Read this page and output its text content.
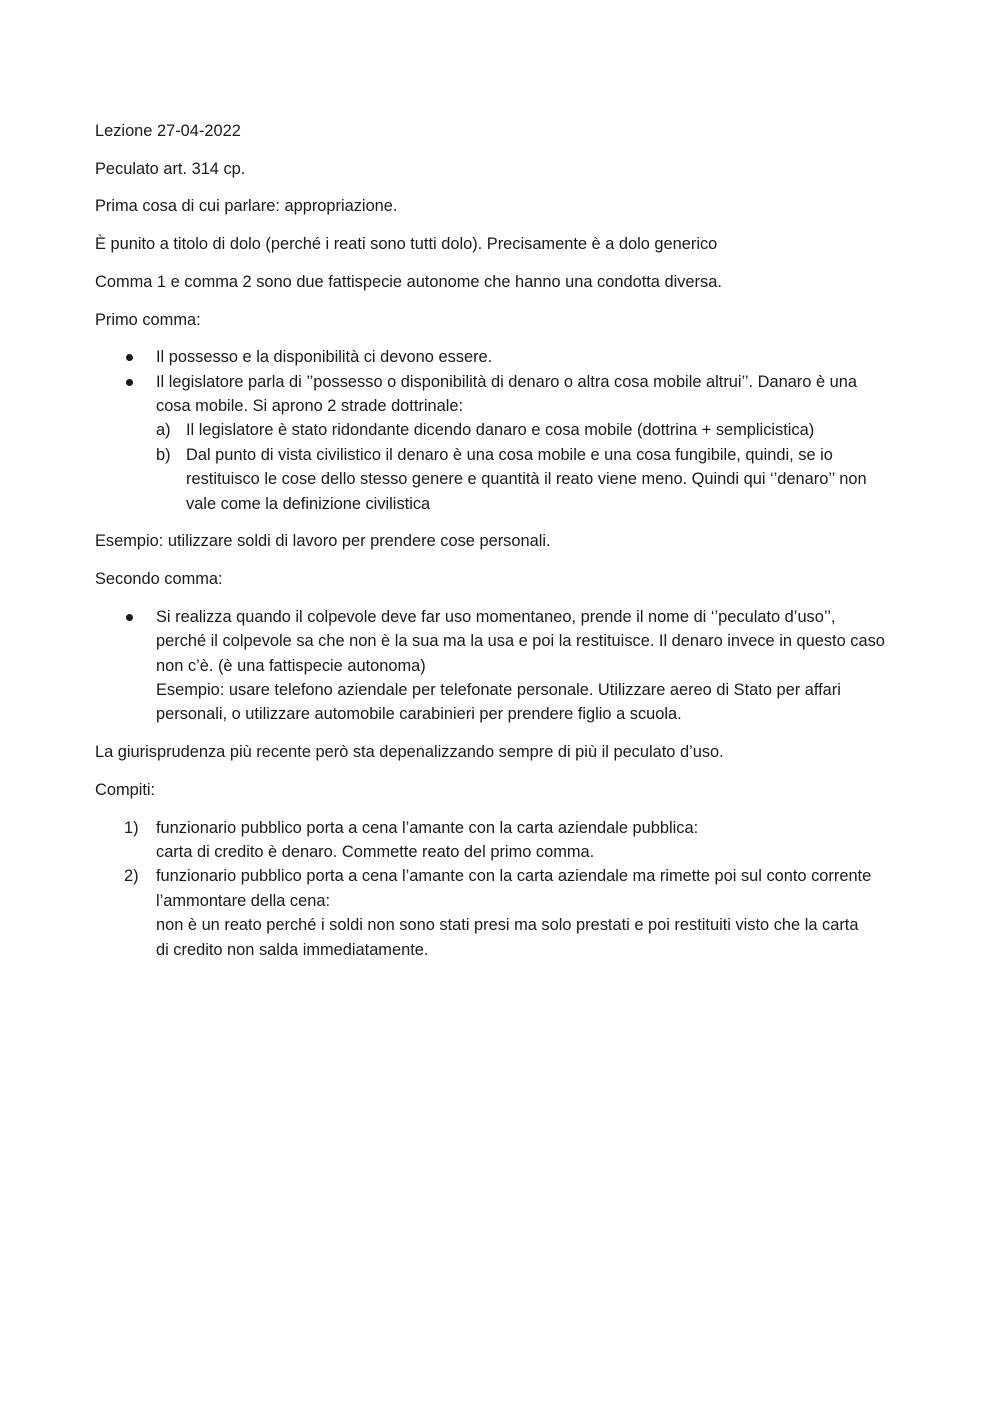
Lezione 27-04-2022

Peculato art. 314 cp.

Prima cosa di cui parlare: appropriazione.

È punito a titolo di dolo (perché i reati sono tutti dolo). Precisamente è a dolo generico

Comma 1 e comma 2 sono due fattispecie autonome che hanno una condotta diversa.

Primo comma:

Il possesso e la disponibilità ci devono essere.
Il legislatore parla di ’’possesso o disponibilità di denaro o altra cosa mobile altrui’’. Danaro è una
cosa mobile. Si aprono 2 strade dottrinale:
a) Il legislatore è stato ridondante dicendo danaro e cosa mobile (dottrina + semplicistica)
b) Dal punto di vista civilistico il denaro è una cosa mobile e una cosa fungibile, quindi, se io
restituisco le cose dello stesso genere e quantità il reato viene meno. Quindi qui ‘’denaro’’ non
vale come la definizione civilistica

Esempio: utilizzare soldi di lavoro per prendere cose personali.

Secondo comma:

Si realizza quando il colpevole deve far uso momentaneo, prende il nome di ‘’peculato d’uso’’,
perché il colpevole sa che non è la sua ma la usa e poi la restituisce. Il denaro invece in questo caso
non c’è. (è una fattispecie autonoma)
Esempio: usare telefono aziendale per telefonate personale. Utilizzare aereo di Stato per affari
personali, o utilizzare automobile carabinieri per prendere figlio a scuola.

La giurisprudenza più recente però sta depenalizzando sempre di più il peculato d’uso.

Compiti:

1) funzionario pubblico porta a cena l’amante con la carta aziendale pubblica:
carta di credito è denaro. Commette reato del primo comma.
2) funzionario pubblico porta a cena l’amante con la carta aziendale ma rimette poi sul conto corrente
l’ammontare della cena:
non è un reato perché i soldi non sono stati presi ma solo prestati e poi restituiti visto che la carta
di credito non salda immediatamente.
